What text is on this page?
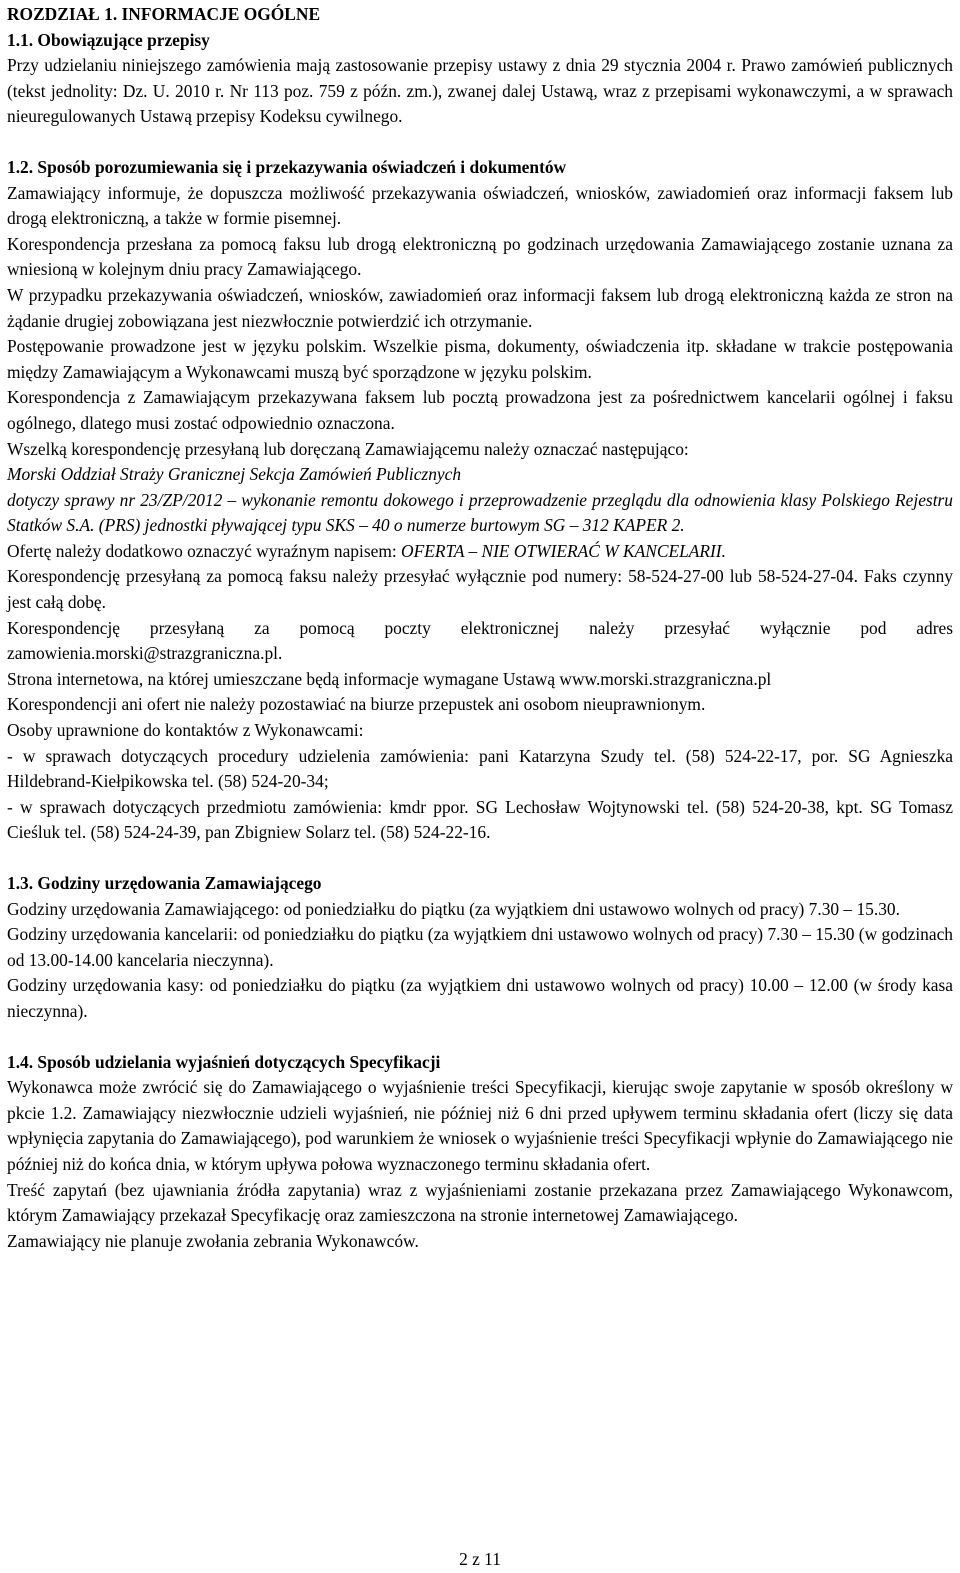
ROZDZIAŁ 1. INFORMACJE OGÓLNE

1.1. Obowiązujące przepisy

Przy udzielaniu niniejszego zamówienia mają zastosowanie przepisy ustawy z dnia 29 stycznia 2004 r. Prawo zamówień publicznych (tekst jednolity: Dz. U. 2010 r. Nr 113 poz. 759 z późn. zm.), zwanej dalej Ustawą, wraz z przepisami wykonawczymi, a w sprawach nieuregulowanych Ustawą przepisy Kodeksu cywilnego.

1.2. Sposób porozumiewania się i przekazywania oświadczeń i dokumentów

Zamawiający informuje, że dopuszcza możliwość przekazywania oświadczeń, wniosków, zawiadomień oraz informacji faksem lub drogą elektroniczną, a także w formie pisemnej.

Korespondencja przesłana za pomocą faksu lub drogą elektroniczną po godzinach urzędowania Zamawiającego zostanie uznana za wniesioną w kolejnym dniu pracy Zamawiającego.

W przypadku przekazywania oświadczeń, wniosków, zawiadomień oraz informacji faksem lub drogą elektroniczną każda ze stron na żądanie drugiej zobowiązana jest niezwłocznie potwierdzić ich otrzymanie.

Postępowanie prowadzone jest w języku polskim. Wszelkie pisma, dokumenty, oświadczenia itp. składane w trakcie postępowania między Zamawiającym a Wykonawcami muszą być sporządzone w języku polskim.

Korespondencja z Zamawiającym przekazywana faksem lub pocztą prowadzona jest za pośrednictwem kancelarii ogólnej i faksu ogólnego, dlatego musi zostać odpowiednio oznaczona.

Wszelką korespondencję przesyłaną lub doręczaną Zamawiającemu należy oznaczać następująco:

Morski Oddział Straży Granicznej Sekcja Zamówień Publicznych

dotyczy sprawy nr 23/ZP/2012 – wykonanie remontu dokowego i przeprowadzenie przeglądu dla odnowienia klasy Polskiego Rejestru Statków S.A. (PRS) jednostki pływającej typu SKS – 40 o numerze burtowym SG – 312 KAPER 2.

Ofertę należy dodatkowo oznaczyć wyraźnym napisem: OFERTA – NIE OTWIERAĆ W KANCELARII.

Korespondencję przesyłaną za pomocą faksu należy przesyłać wyłącznie pod numery: 58-524-27-00 lub 58-524-27-04. Faks czynny jest całą dobę.

Korespondencję przesyłaną za pomocą poczty elektronicznej należy przesyłać wyłącznie pod adres zamowienia.morski@strazgraniczna.pl.

Strona internetowa, na której umieszczane będą informacje wymagane Ustawą www.morski.strazgraniczna.pl

Korespondencji ani ofert nie należy pozostawiać na biurze przepustek ani osobom nieuprawnionym.

Osoby uprawnione do kontaktów z Wykonawcami:

- w sprawach dotyczących procedury udzielenia zamówienia: pani Katarzyna Szudy tel. (58) 524-22-17, por. SG Agnieszka Hildebrand-Kiełpikowska tel. (58) 524-20-34;

- w sprawach dotyczących przedmiotu zamówienia: kmdr ppor. SG Lechosław Wojtynowski tel. (58) 524-20-38, kpt. SG Tomasz Cieśluk tel. (58) 524-24-39, pan Zbigniew Solarz tel. (58) 524-22-16.

1.3. Godziny urzędowania Zamawiającego

Godziny urzędowania Zamawiającego: od poniedziałku do piątku (za wyjątkiem dni ustawowo wolnych od pracy) 7.30 – 15.30.

Godziny urzędowania kancelarii: od poniedziałku do piątku (za wyjątkiem dni ustawowo wolnych od pracy) 7.30 – 15.30 (w godzinach od 13.00-14.00 kancelaria nieczynna).

Godziny urzędowania kasy: od poniedziałku do piątku (za wyjątkiem dni ustawowo wolnych od pracy) 10.00 – 12.00 (w środy kasa nieczynna).

1.4. Sposób udzielania wyjaśnień dotyczących Specyfikacji

Wykonawca może zwrócić się do Zamawiającego o wyjaśnienie treści Specyfikacji, kierując swoje zapytanie w sposób określony w pkcie 1.2. Zamawiający niezwłocznie udzieli wyjaśnień, nie później niż 6 dni przed upływem terminu składania ofert (liczy się data wpłynięcia zapytania do Zamawiającego), pod warunkiem że wniosek o wyjaśnienie treści Specyfikacji wpłynie do Zamawiającego nie później niż do końca dnia, w którym upływa połowa wyznaczonego terminu składania ofert.

Treść zapytań (bez ujawniania źródła zapytania) wraz z wyjaśnieniami zostanie przekazana przez Zamawiającego Wykonawcom, którym Zamawiający przekazał Specyfikację oraz zamieszczona na stronie internetowej Zamawiającego.

Zamawiający nie planuje zwołania zebrania Wykonawców.

2 z 11
